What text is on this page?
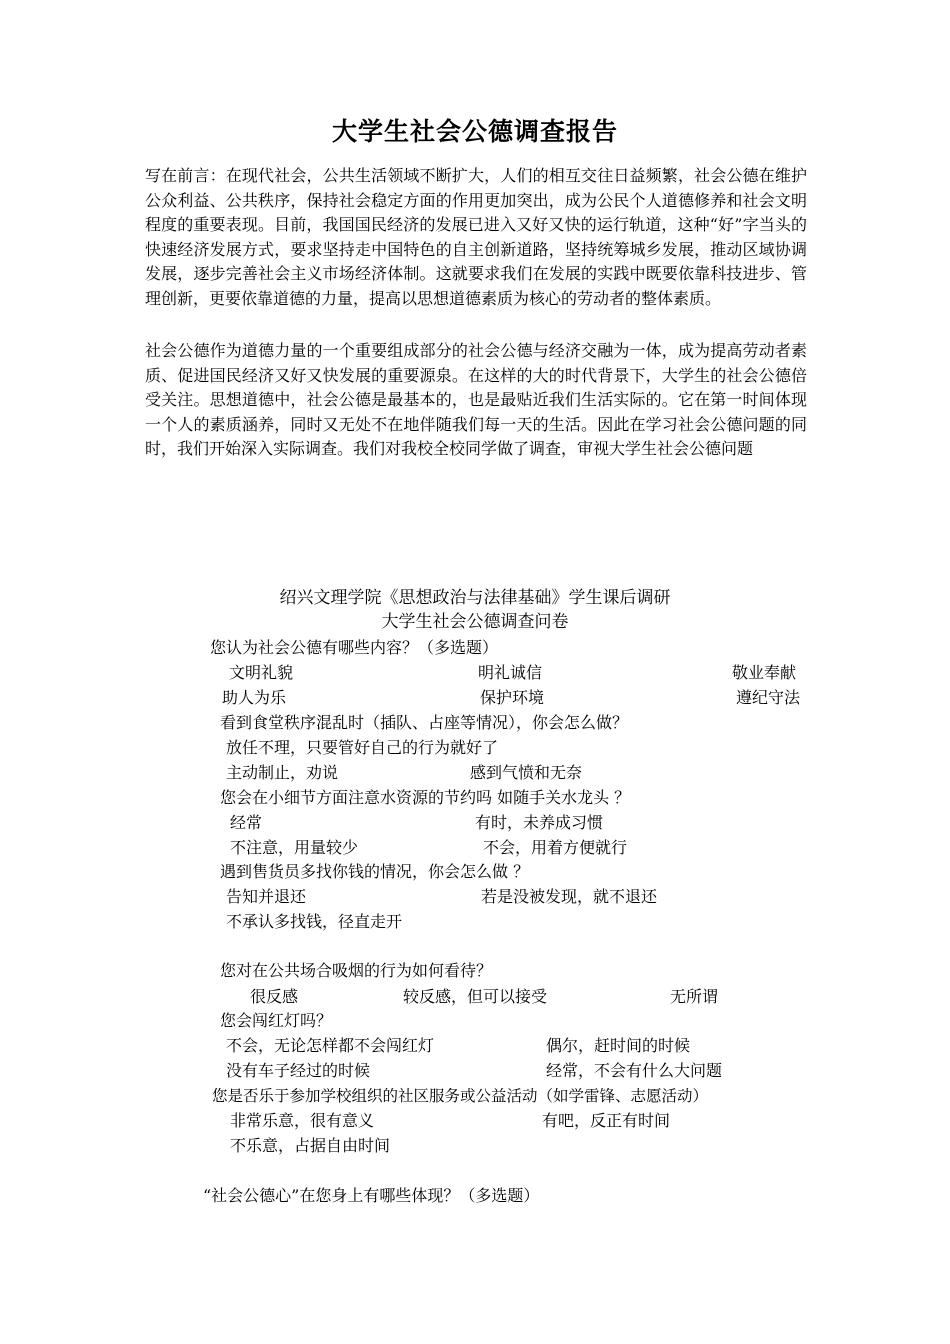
大学生社会公德调查报告
写在前言：在现代社会，公共生活领域不断扩大，人们的相互交往日益频繁，社会公德在维护公众利益、公共秩序，保持社会稳定方面的作用更加突出，成为公民个人道德修养和社会文明程度的重要表现。目前，我国国民经济的发展已进入又好又快的运行轨道，这种“好”字当头的快速经济发展方式，要求坚持走中国特色的自主创新道路，坚持统筹城乡发展，推动区域协调发展，逐步完善社会主义市场经济体制。这就要求我们在发展的实践中既要依靠科技进步、管理创新，更要依靠道德的力量，提高以思想道德素质为核心的劳动者的整体素质。
社会公德作为道德力量的一个重要组成部分的社会公德与经济交融为一体，成为提高劳动者素质、促进国民经济又好又快发展的重要源泉。在这样的大的时代背景下，大学生的社会公德倍受关注。思想道德中，社会公德是最基本的，也是最贴近我们生活实际的。它在第一时间体现一个人的素质涵养，同时又无处不在地伴随我们每一天的生活。因此在学习社会公德问题的同时，我们开始深入实际调查。我们对我校全校同学做了调查，审视大学生社会公德问题
绍兴文理学院《思想政治与法律基础》学生课后调研
大学生社会公德调查问卷
您认为社会公德有哪些内容？（多选题）
文明礼貌	明礼诚信	敬业奉献
助人为乐	保护环境	遵纪守法
看到食堂秩序混乱时（插队、占座等情况），你会怎么做？
放任不理，只要管好自己的行为就好了
主动制止，劝说	感到气愤和无奈
您会在小细节方面注意水资源的节约吗 如随手关水龙头 ？
经常	有时，未养成习惯
不注意，用量较少	不会，用着方便就行
遇到售货员多找你钱的情况，你会怎么做 ？
告知并退还	若是没被发现，就不退还
不承认多找钱，径直走开
您对在公共场合吸烟的行为如何看待？
很反感	较反感，但可以接受	无所谓
您会闯红灯吗？
不会，无论怎样都不会闯红灯	偶尔，赶时间的时候
没有车子经过的时候	经常，不会有什么大问题
您是否乐于参加学校组织的社区服务或公益活动（如学雷锋、志愿活动）
非常乐意，很有意义	有吧，反正有时间
不乐意，占据自由时间
“社会公德心”在您身上有哪些体现？（多选题）
